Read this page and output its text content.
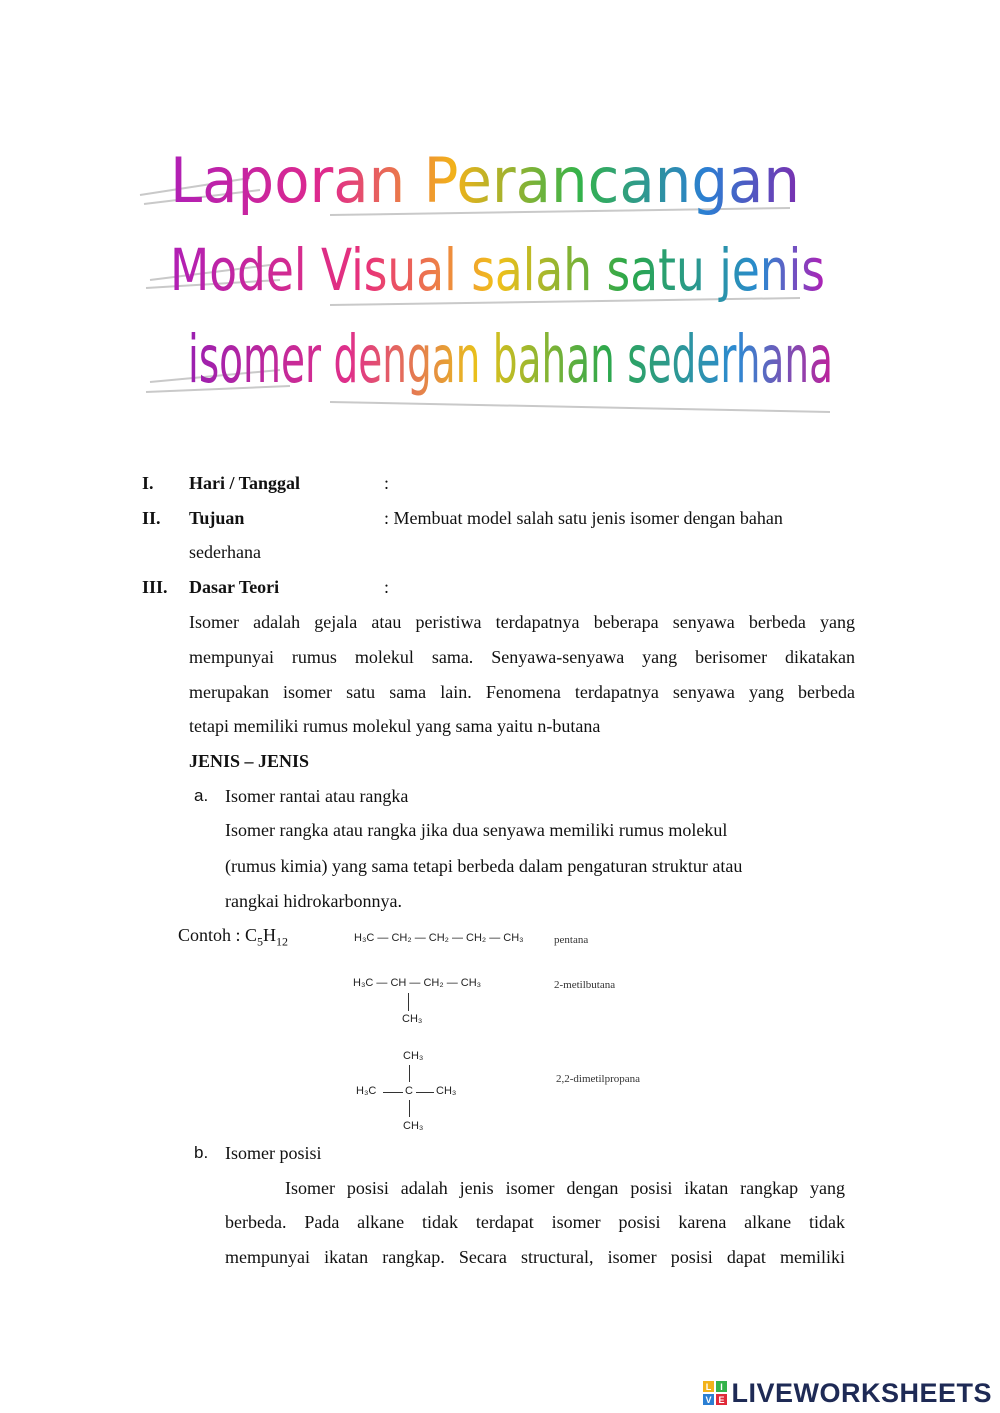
Laporan Perancangan
Model Visual salah satu jenis
isomer dengan bahan sederhana
I. Hari / Tanggal	:
II. Tujuan	: Membuat model salah satu jenis isomer dengan bahan
sederhana
III. Dasar Teori	:
Isomer adalah gejala atau peristiwa terdapatnya beberapa senyawa berbeda yang
mempunyai rumus molekul sama. Senyawa-senyawa yang berisomer dikatakan
merupakan isomer satu sama lain. Fenomena terdapatnya senyawa yang berbeda
tetapi memiliki rumus molekul yang sama yaitu n-butana
JENIS – JENIS
a. Isomer rantai atau rangka
Isomer rangka atau rangka jika dua senyawa memiliki rumus molekul
(rumus kimia) yang sama tetapi berbeda dalam pengaturan struktur atau
rangkai hidrokarbonnya.
Contoh : $C_5H_{12}$	H₃C — CH₂ — CH₂ — CH₂ — CH₃	pentana
H₃C — CH — CH₂ — CH₃
CH₃
2-metilbutana
CH₃
H₃C	C CH₃
CH₃
2,2-dimetilpropana
b. Isomer posisi
Isomer posisi adalah jenis isomer dengan posisi ikatan rangkap yang
berbeda. Pada alkane tidak terdapat isomer posisi karena alkane tidak
mempunyai ikatan rangkap. Secara structural, isomer posisi dapat memiliki
L I
V E LIVEWORKSHEETS
